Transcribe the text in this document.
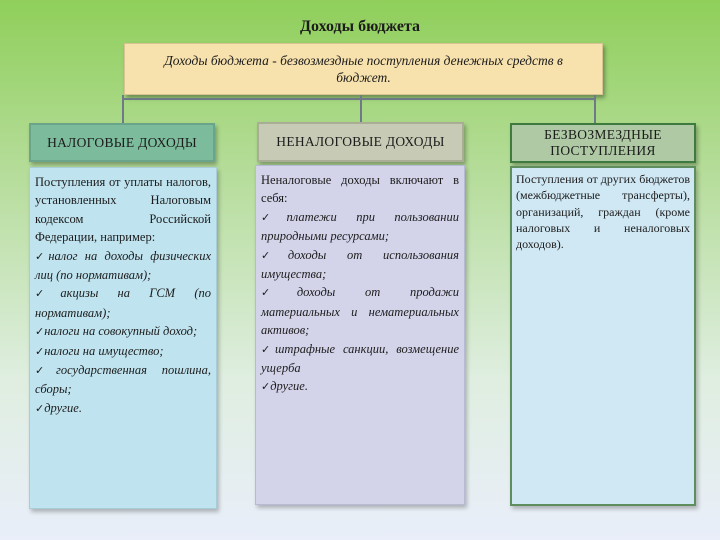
Доходы бюджета
Доходы бюджета - безвозмездные поступления денежных средств в бюджет.
НАЛОГОВЫЕ ДОХОДЫ

Поступления от уплаты налогов, установленных Налоговым кодексом Российской Федерации, например:

✓налог на доходы физических лиц (по нормативам);

✓акцизы на ГСМ (по нормативам);

✓налоги на совокупный доход;

✓налоги на имущество;

✓государственная пошлина, сборы;

✓другие.

НЕНАЛОГОВЫЕ ДОХОДЫ

Неналоговые доходы включают в себя:

✓платежи при пользовании природными ресурсами;

✓доходы от использования имущества;

✓доходы от продажи материальных и нематериальных активов;

✓штрафные санкции, возмещение ущерба

✓другие.

БЕЗВОЗМЕЗДНЫЕ ПОСТУПЛЕНИЯ

Поступления от других бюджетов (межбюджетные трансферты), организаций, граждан (кроме налоговых и неналоговых доходов).
